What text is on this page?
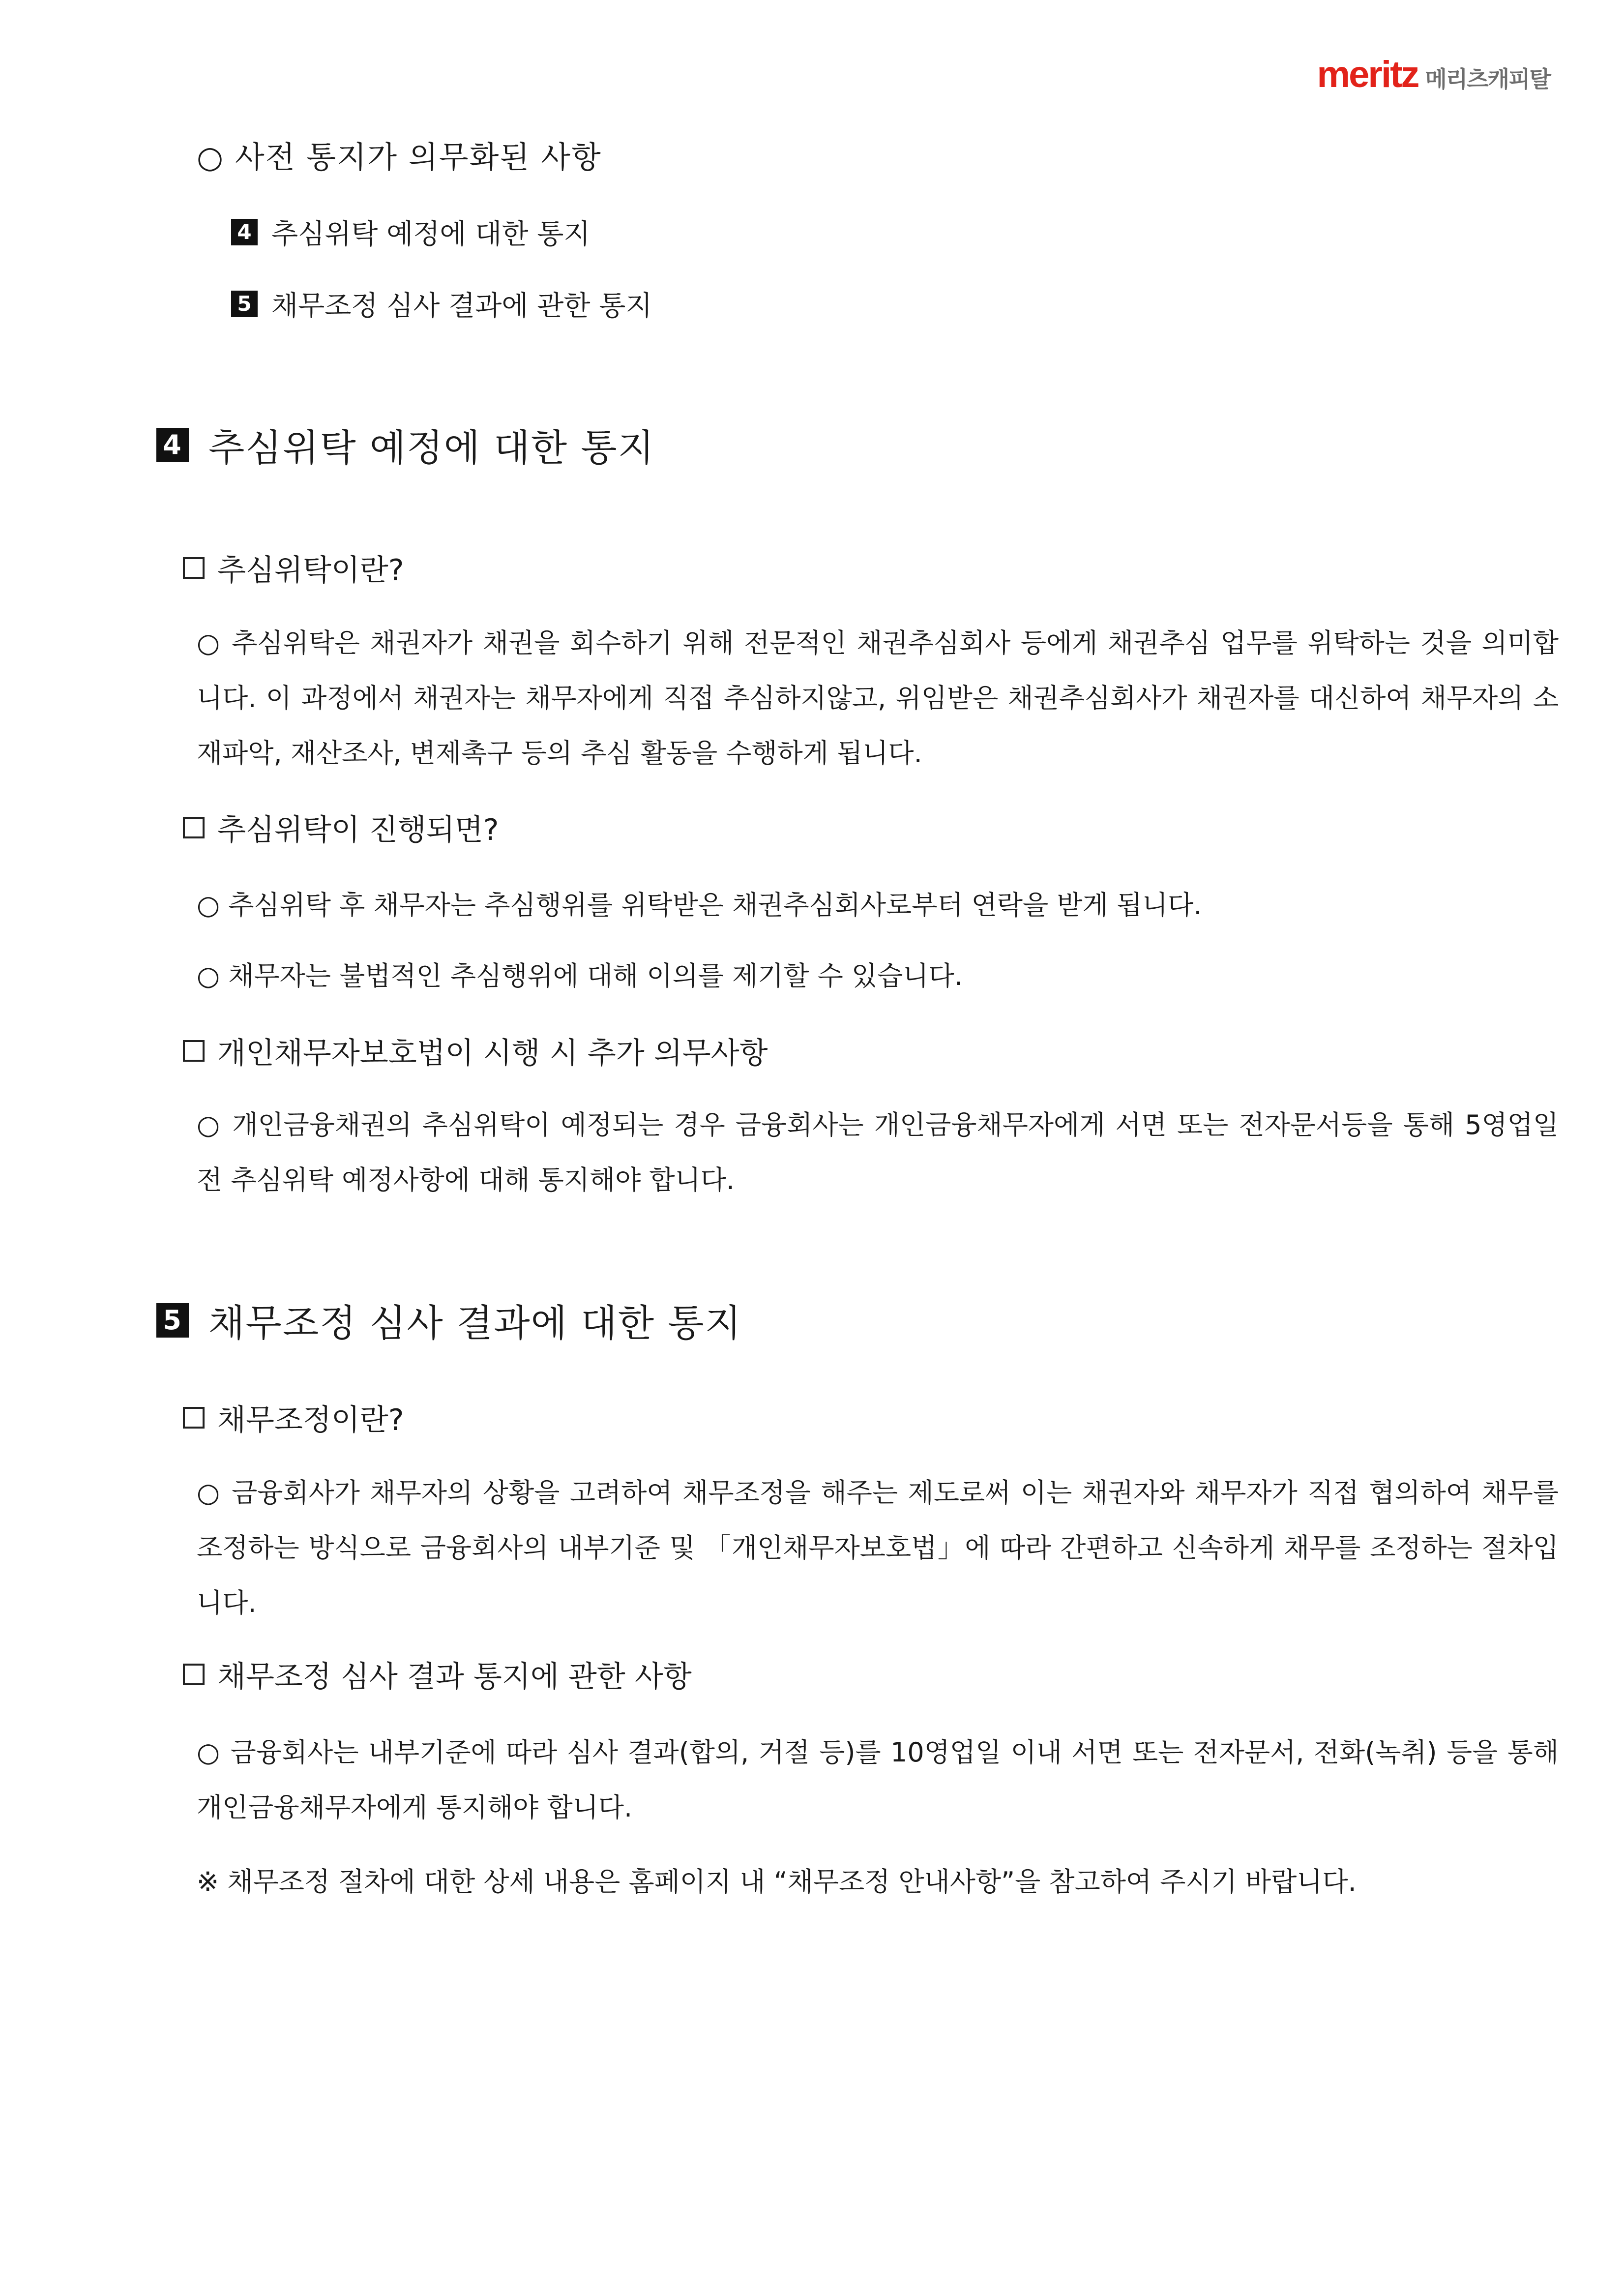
meritz 메리츠캐피탈
○ 사전 통지가 의무화된 사항
4 추심위탁 예정에 대한 통지
5 채무조정 심사 결과에 관한 통지
4 추심위탁 예정에 대한 통지
추심위탁이란?
○ 추심위탁은 채권자가 채권을 회수하기 위해 전문적인 채권추심회사 등에게 채권추심 업무를 위탁하는 것을 의미합니다. 이 과정에서 채권자는 채무자에게 직접 추심하지않고, 위임받은 채권추심회사가 채권자를 대신하여 채무자의 소재파악, 재산조사, 변제촉구 등의 추심 활동을 수행하게 됩니다.
추심위탁이 진행되면?
○ 추심위탁 후 채무자는 추심행위를 위탁받은 채권추심회사로부터 연락을 받게 됩니다.
○ 채무자는 불법적인 추심행위에 대해 이의를 제기할 수 있습니다.
개인채무자보호법이 시행 시 추가 의무사항
○ 개인금융채권의 추심위탁이 예정되는 경우 금융회사는 개인금융채무자에게 서면 또는 전자문서등을 통해 5영업일전 추심위탁 예정사항에 대해 통지해야 합니다.
5 채무조정 심사 결과에 대한 통지
채무조정이란?
○ 금융회사가 채무자의 상황을 고려하여 채무조정을 해주는 제도로써 이는 채권자와 채무자가 직접 협의하여 채무를 조정하는 방식으로 금융회사의 내부기준 및 「개인채무자보호법」에 따라 간편하고 신속하게 채무를 조정하는 절차입니다.
채무조정 심사 결과 통지에 관한 사항
○ 금융회사는 내부기준에 따라 심사 결과(합의, 거절 등)를 10영업일 이내 서면 또는 전자문서, 전화(녹취) 등을 통해 개인금융채무자에게 통지해야 합니다.
※ 채무조정 절차에 대한 상세 내용은 홈페이지 내 “채무조정 안내사항”을 참고하여 주시기 바랍니다.
